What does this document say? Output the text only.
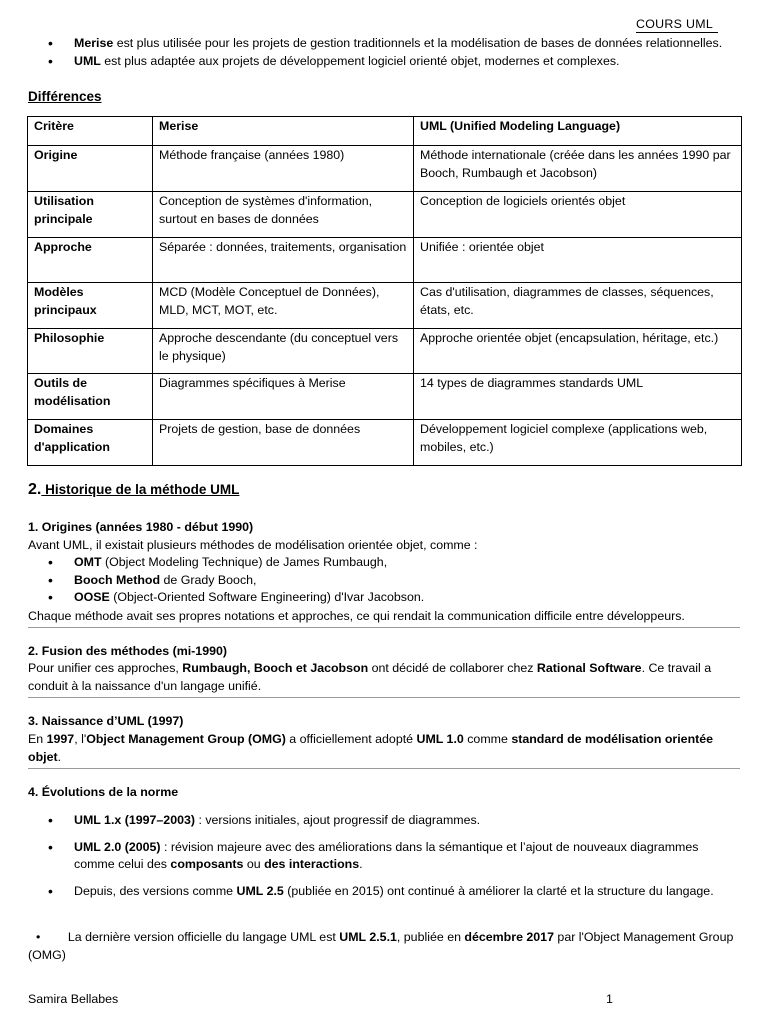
COURS UML
• Merise est plus utilisée pour les projets de gestion traditionnels et la modélisation de bases de données relationnelles.
• UML est plus adaptée aux projets de développement logiciel orienté objet, modernes et complexes.
Différences
Critère	Merise	UML (Unified Modeling Language)
Origine	Méthode française (années 1980)	Méthode internationale (créée dans les années 1990 par Booch, Rumbaugh et Jacobson)
Utilisation principale	Conception de systèmes d'information, surtout en bases de données	Conception de logiciels orientés objet
Approche	Séparée : données, traitements, organisation	Unifiée : orientée objet
Modèles principaux	MCD (Modèle Conceptuel de Données), MLD, MCT, MOT, etc.	Cas d'utilisation, diagrammes de classes, séquences, états, etc.
Philosophie	Approche descendante (du conceptuel vers le physique)	Approche orientée objet (encapsulation, héritage, etc.)
Outils de modélisation	Diagrammes spécifiques à Merise	14 types de diagrammes standards UML
Domaines d'application	Projets de gestion, base de données	Développement logiciel complexe (applications web, mobiles, etc.)
2. Historique de la méthode UML
1. Origines (années 1980 - début 1990)
Avant UML, il existait plusieurs méthodes de modélisation orientée objet, comme :
• OMT (Object Modeling Technique) de James Rumbaugh,
• Booch Method de Grady Booch,
• OOSE (Object-Oriented Software Engineering) d'Ivar Jacobson.
Chaque méthode avait ses propres notations et approches, ce qui rendait la communication difficile entre développeurs.
2. Fusion des méthodes (mi-1990)
Pour unifier ces approches, Rumbaugh, Booch et Jacobson ont décidé de collaborer chez Rational Software. Ce travail a conduit à la naissance d'un langage unifié.
3. Naissance d’UML (1997)
En 1997, l'Object Management Group (OMG) a officiellement adopté UML 1.0 comme standard de modélisation orientée objet.
4. Évolutions de la norme
• UML 1.x (1997–2003) : versions initiales, ajout progressif de diagrammes.
• UML 2.0 (2005) : révision majeure avec des améliorations dans la sémantique et l’ajout de nouveaux diagrammes comme celui des composants ou des interactions.
• Depuis, des versions comme UML 2.5 (publiée en 2015) ont continué à améliorer la clarté et la structure du langage.
•        La dernière version officielle du langage UML est UML 2.5.1, publiée en décembre 2017 par l'Object Management Group (OMG)
Samira Bellabes	1
